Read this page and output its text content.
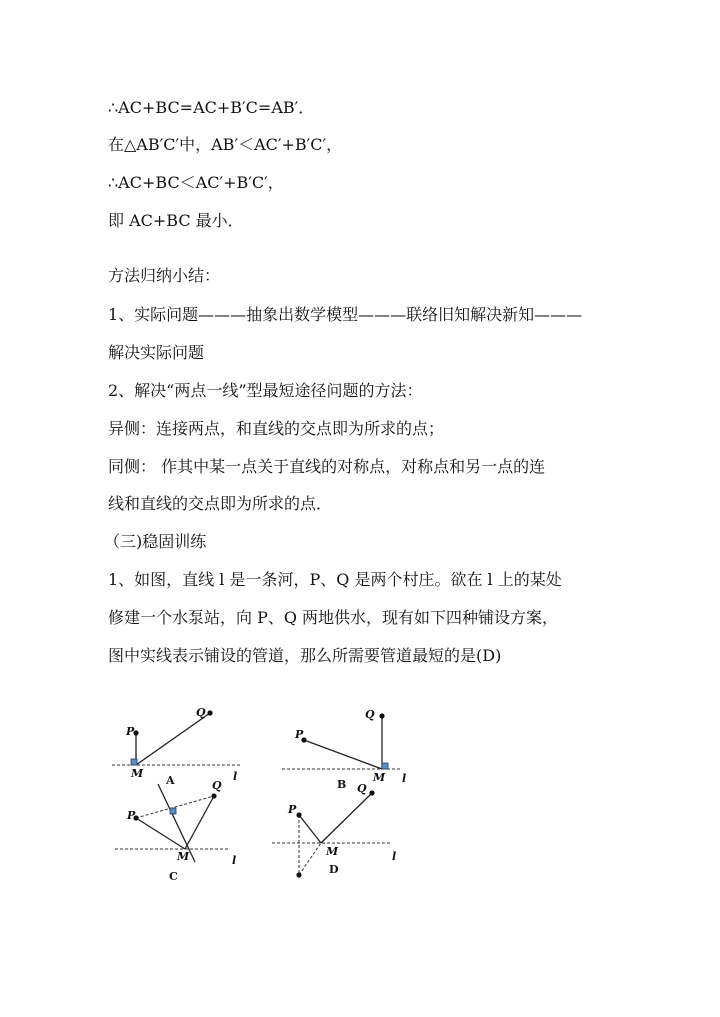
∴AC+BC=AC+B′C=AB′．
在△AB′C′中，AB′＜AC′+B′C′，
∴AC+BC＜AC′+B′C′，
即 AC+BC 最小．
方法归纳小结：
1、实际问题———抽象出数学模型———联络旧知解决新知———
解决实际问题
2、解决“两点一线”型最短途径问题的方法：
异侧：连接两点，和直线的交点即为所求的点；
同侧： 作其中某一点关于直线的对称点，对称点和另一点的连
线和直线的交点即为所求的点．
（三)稳固训练
1、如图，直线 l 是一条河，P、Q 是两个村庄。欲在 l 上的某处
修建一个水泵站，向 P、Q 两地供水，现有如下四种铺设方案，
图中实线表示铺设的管道，那么所需要管道最短的是(D)
P
Q
M	l
P
Q
M l
B
A
P
Q
M	l
C
P
Q
M	l
D
